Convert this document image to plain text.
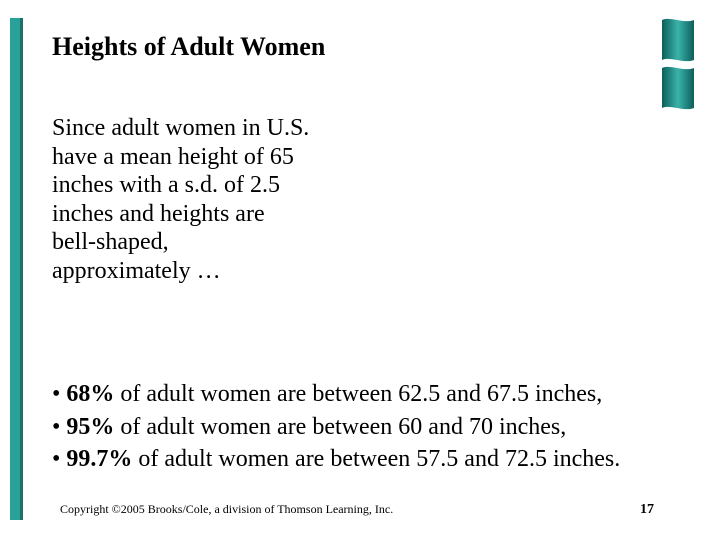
Heights of Adult Women
Since adult women in U.S. have a mean height of 65 inches with a s.d. of 2.5 inches and heights are bell-shaped, approximately …
• 68% of adult women are between 62.5 and 67.5 inches,
• 95% of adult women are between 60 and 70 inches,
• 99.7% of adult women are between 57.5 and 72.5 inches.
Copyright ©2005 Brooks/Cole, a division of Thomson Learning, Inc.	17
